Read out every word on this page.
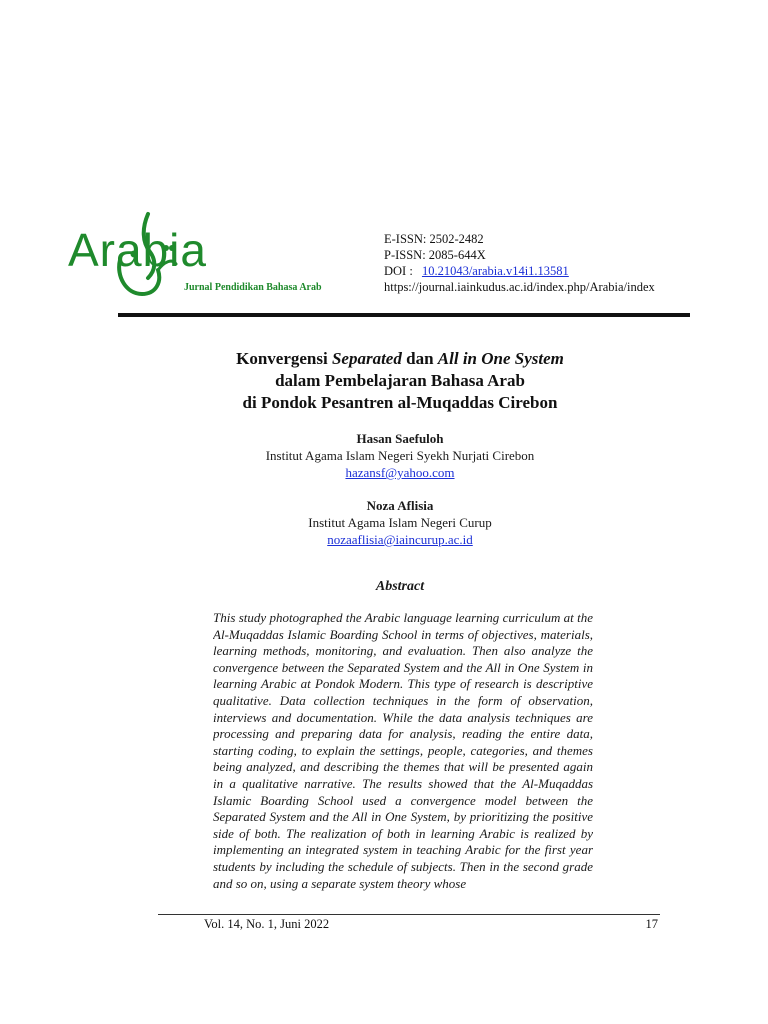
Arabia
Jurnal Pendidikan Bahasa Arab
E-ISSN: 2502-2482
P-ISSN: 2085-644X
DOI : 10.21043/arabia.v14i1.13581
https://journal.iainkudus.ac.id/index.php/Arabia/index
Konvergensi Separated dan All in One System
dalam Pembelajaran Bahasa Arab
di Pondok Pesantren al-Muqaddas Cirebon
Hasan Saefuloh
Institut Agama Islam Negeri Syekh Nurjati Cirebon
hazansf@yahoo.com
Noza Aflisia
Institut Agama Islam Negeri Curup
nozaaflisia@iaincurup.ac.id
Abstract
This study photographed the Arabic language learning curriculum at the Al-Muqaddas Islamic Boarding School in terms of objectives, materials, learning methods, monitoring, and evaluation. Then also analyze the convergence between the Separated System and the All in One System in learning Arabic at Pondok Modern. This type of research is descriptive qualitative. Data collection techniques in the form of observation, interviews and documentation. While the data analysis techniques are processing and preparing data for analysis, reading the entire data, starting coding, to explain the settings, people, categories, and themes being analyzed, and describing the themes that will be presented again in a qualitative narrative. The results showed that the Al-Muqaddas Islamic Boarding School used a convergence model between the Separated System and the All in One System, by prioritizing the positive side of both. The realization of both in learning Arabic is realized by implementing an integrated system in teaching Arabic for the first year students by including the schedule of subjects. Then in the second grade and so on, using a separate system theory whose
Vol. 14, No. 1, Juni 2022	17
